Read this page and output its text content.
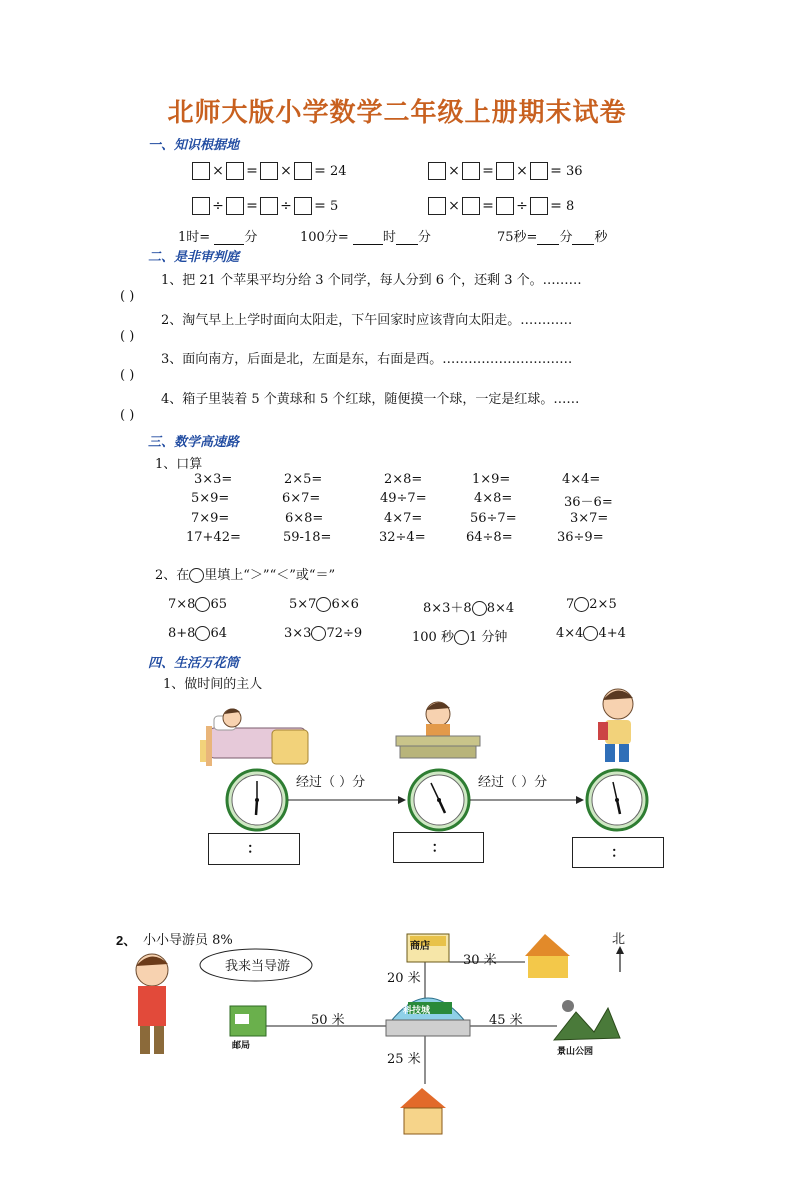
北师大版小学数学二年级上册期末试卷
一、知识根据地
× = × = 24	× = × = 36
÷ = ÷ = 5	× = ÷ = 8
1时=	分	100分=	时 分	75秒= 分 秒
二、是非审判庭
1、把 21 个苹果平均分给 3 个同学，每人分到 6 个，还剩 3 个。………
( )
2、淘气早上上学时面向太阳走，下午回家时应该背向太阳走。…………
( )
3、面向南方，后面是北，左面是东，右面是西。…………………………
( )
4、箱子里装着 5 个黄球和 5 个红球，随便摸一个球，一定是红球。……
( )
三、数学高速路
1、口算
3×3=	2×5=	2×8=	1×9=	4×4=
5×9=	6×7=	49÷7=	4×8=	36－6=
7×9=	6×8=	4×7=	56÷7=	3×7=
17+42=	59-18=	32÷4=	64÷8=	36÷9=
2、在 里填上“＞”“＜”或“＝”
7×8 65	5×7 6×6	8×3＋8 8×4	7 2×5
8+8 64	3×3 72÷9	100 秒 1 分钟	4×4 4+4
四、生活万花筒
1、做时间的主人
经过（ ）分	经过（ ）分
：	：	：
2、 小小导游员 8%
我来当导游
北
商店
科技城
邮局
景山公园
20 米
30 米
50 米	45 米
25 米
